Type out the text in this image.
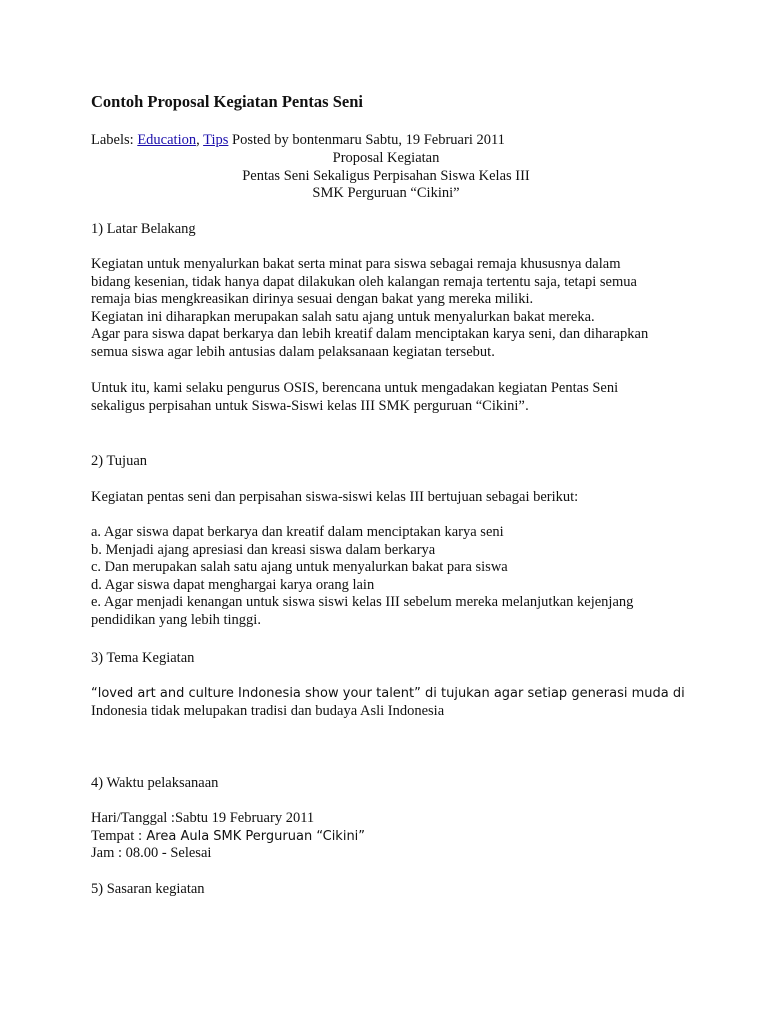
Contoh Proposal Kegiatan Pentas Seni
Labels: Education, Tips Posted by bontenmaru Sabtu, 19 Februari 2011
Proposal Kegiatan
Pentas Seni Sekaligus Perpisahan Siswa Kelas III
SMK Perguruan “Cikini”
1) Latar Belakang

Kegiatan untuk menyalurkan bakat serta minat para siswa sebagai remaja khususnya dalam

bidang kesenian, tidak hanya dapat dilakukan oleh kalangan remaja tertentu saja, tetapi semua

remaja bias mengkreasikan dirinya sesuai dengan bakat yang mereka miliki.

Kegiatan ini diharapkan merupakan salah satu ajang untuk menyalurkan bakat mereka.

Agar para siswa dapat berkarya dan lebih kreatif dalam menciptakan karya seni, dan diharapkan

semua siswa agar lebih antusias dalam pelaksanaan kegiatan tersebut.

Untuk itu, kami selaku pengurus OSIS, berencana untuk mengadakan kegiatan Pentas Seni

sekaligus perpisahan untuk Siswa-Siswi kelas III SMK perguruan “Cikini”.

2) Tujuan
Kegiatan pentas seni dan perpisahan siswa-siswi kelas III bertujuan sebagai berikut:

a. Agar siswa dapat berkarya dan kreatif dalam menciptakan karya seni

b. Menjadi ajang apresiasi dan kreasi siswa dalam berkarya

c. Dan merupakan salah satu ajang untuk menyalurkan bakat para siswa

d. Agar siswa dapat menghargai karya orang lain

e. Agar menjadi kenangan untuk siswa siswi kelas III sebelum mereka melanjutkan kejenjang

pendidikan yang lebih tinggi.

3) Tema Kegiatan

“loved art and culture Indonesia show your talent” di tujukan agar setiap generasi muda di

Indonesia tidak melupakan tradisi dan budaya Asli Indonesia

4) Waktu pelaksanaan

Hari/Tanggal :Sabtu 19 February 2011

Tempat : Area Aula SMK Perguruan “Cikini”

Jam : 08.00 - Selesai

5) Sasaran kegiatan
